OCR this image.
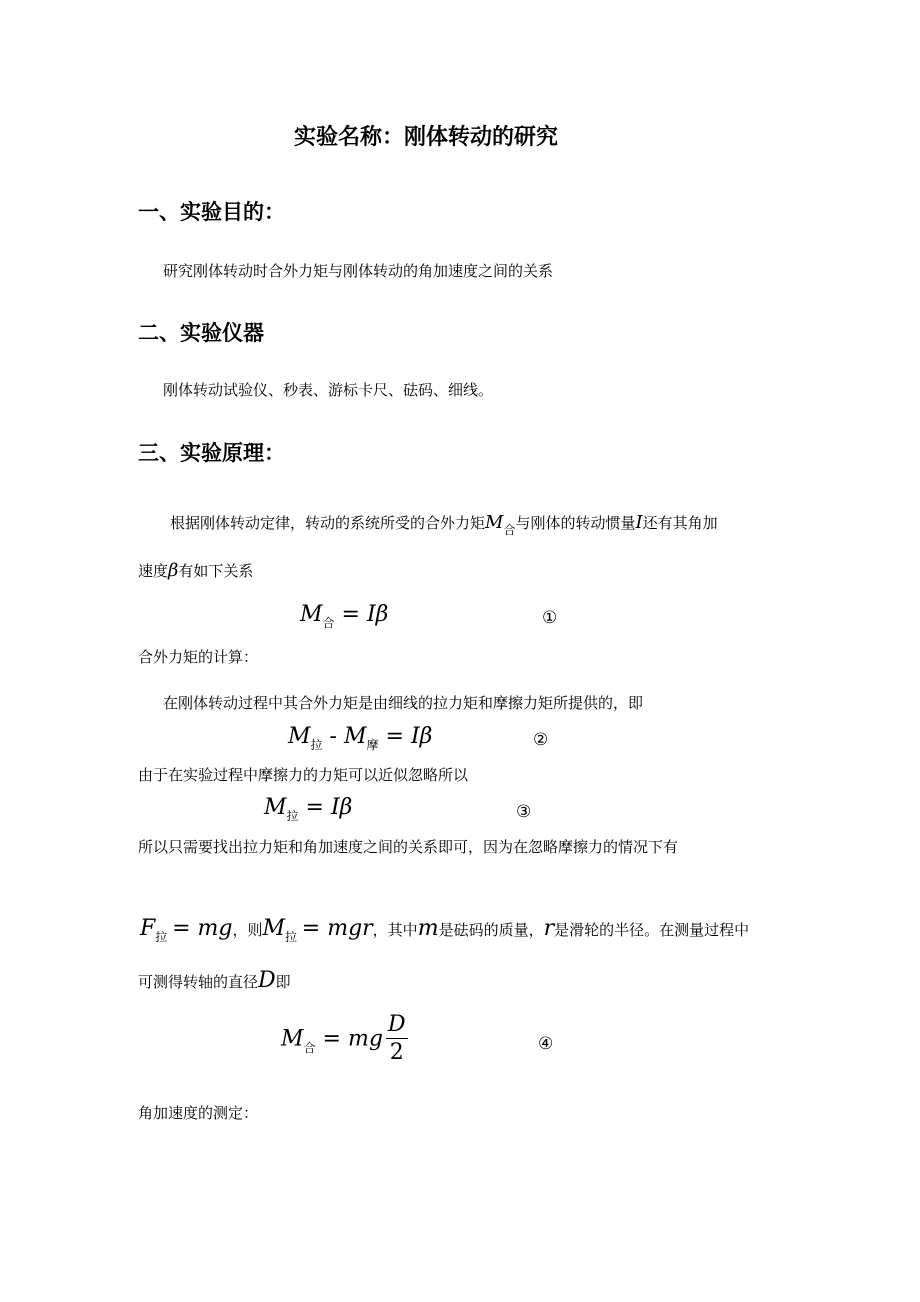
实验名称：刚体转动的研究
一、实验目的：
研究刚体转动时合外力矩与刚体转动的角加速度之间的关系
二、实验仪器
刚体转动试验仪、秒表、游标卡尺、砝码、细线。
三、实验原理：
根据刚体转动定律，转动的系统所受的合外力矩$M_合$与刚体的转动惯量I还有其角加
速度β有如下关系
$M_合 = I\beta$	①
合外力矩的计算：
在刚体转动过程中其合外力矩是由细线的拉力矩和摩擦力矩所提供的，即
$M_拉 - M_摩 = I\beta$	②
由于在实验过程中摩擦力的力矩可以近似忽略所以
$M_拉 = I\beta$	③
所以只需要找出拉力矩和角加速度之间的关系即可，因为在忽略摩擦力的情况下有
$F_拉$ = mg，则$M_拉$ = mgr，其中m是砝码的质量，r是滑轮的半径。在测量过程中
可测得转轴的直径D即
$M_合$ = mg $\frac{D}{2}$	④
角加速度的测定：
